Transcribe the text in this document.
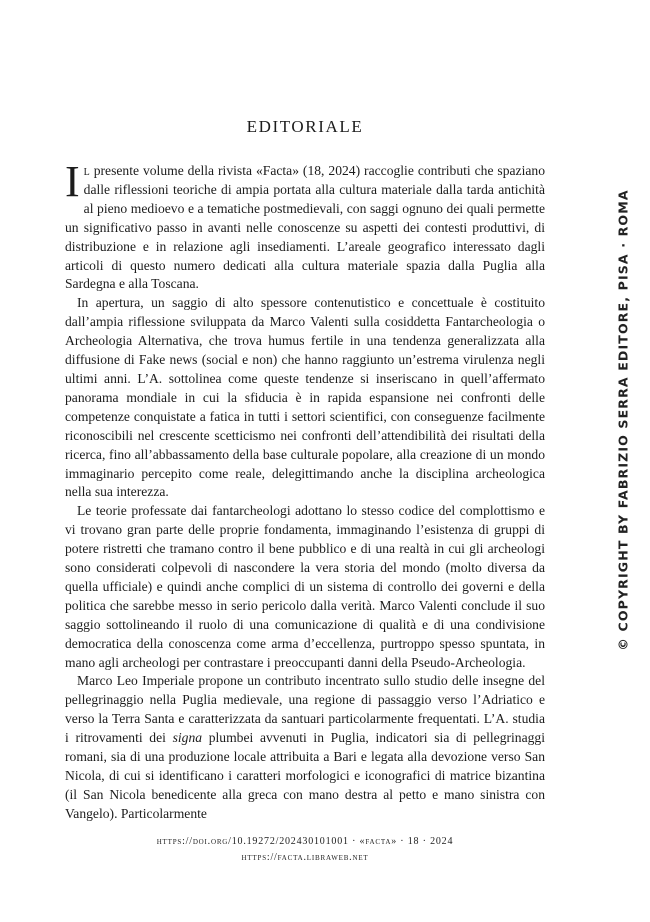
EDITORIALE

Il presente volume della rivista «Facta» (18, 2024) raccoglie contributi che spaziano dalle riflessioni teoriche di ampia portata alla cultura materiale dalla tarda antichità al pieno medioevo e a tematiche postmedievali, con saggi ognuno dei quali permette un significativo passo in avanti nelle conoscenze su aspetti dei contesti produttivi, di distribuzione e in relazione agli insediamenti. L’areale geografico interessato dagli articoli di questo numero dedicati alla cultura materiale spazia dalla Puglia alla Sardegna e alla Toscana.

In apertura, un saggio di alto spessore contenutistico e concettuale è costituito dall’ampia riflessione sviluppata da Marco Valenti sulla cosiddetta Fantarcheologia o Archeologia Alternativa, che trova humus fertile in una tendenza generalizzata alla diffusione di Fake news (social e non) che hanno raggiunto un’estrema virulenza negli ultimi anni. L’A. sottolinea come queste tendenze si inseriscano in quell’affermato panorama mondiale in cui la sfiducia è in rapida espansione nei confronti delle competenze conquistate a fatica in tutti i settori scientifici, con conseguenze facilmente riconoscibili nel crescente scetticismo nei confronti dell’attendibilità dei risultati della ricerca, fino all’abbassamento della base culturale popolare, alla creazione di un mondo immaginario percepito come reale, delegittimando anche la disciplina archeologica nella sua interezza.

Le teorie professate dai fantarcheologi adottano lo stesso codice del complottismo e vi trovano gran parte delle proprie fondamenta, immaginando l’esistenza di gruppi di potere ristretti che tramano contro il bene pubblico e di una realtà in cui gli archeologi sono considerati colpevoli di nascondere la vera storia del mondo (molto diversa da quella ufficiale) e quindi anche complici di un sistema di controllo dei governi e della politica che sarebbe messo in serio pericolo dalla verità. Marco Valenti conclude il suo saggio sottolineando il ruolo di una comunicazione di qualità e di una condivisione democratica della conoscenza come arma d’eccellenza, purtroppo spesso spuntata, in mano agli archeologi per contrastare i preoccupanti danni della Pseudo-Archeologia.

Marco Leo Imperiale propone un contributo incentrato sullo studio delle insegne del pellegrinaggio nella Puglia medievale, una regione di passaggio verso l’Adriatico e verso la Terra Santa e caratterizzata da santuari particolarmente frequentati. L’A. studia i ritrovamenti dei signa plumbei avvenuti in Puglia, indicatori sia di pellegrinaggi romani, sia di una produzione locale attribuita a Bari e legata alla devozione verso San Nicola, di cui si identificano i caratteri morfologici e iconografici di matrice bizantina (il San Nicola benedicente alla greca con mano destra al petto e mano sinistra con Vangelo). Particolarmente

https://doi.org/10.19272/202430101001 · «facta» · 18 · 2024
https://facta.libraweb.net
© COPYRIGHT BY FABRIZIO SERRA EDITORE, PISA · ROMA
